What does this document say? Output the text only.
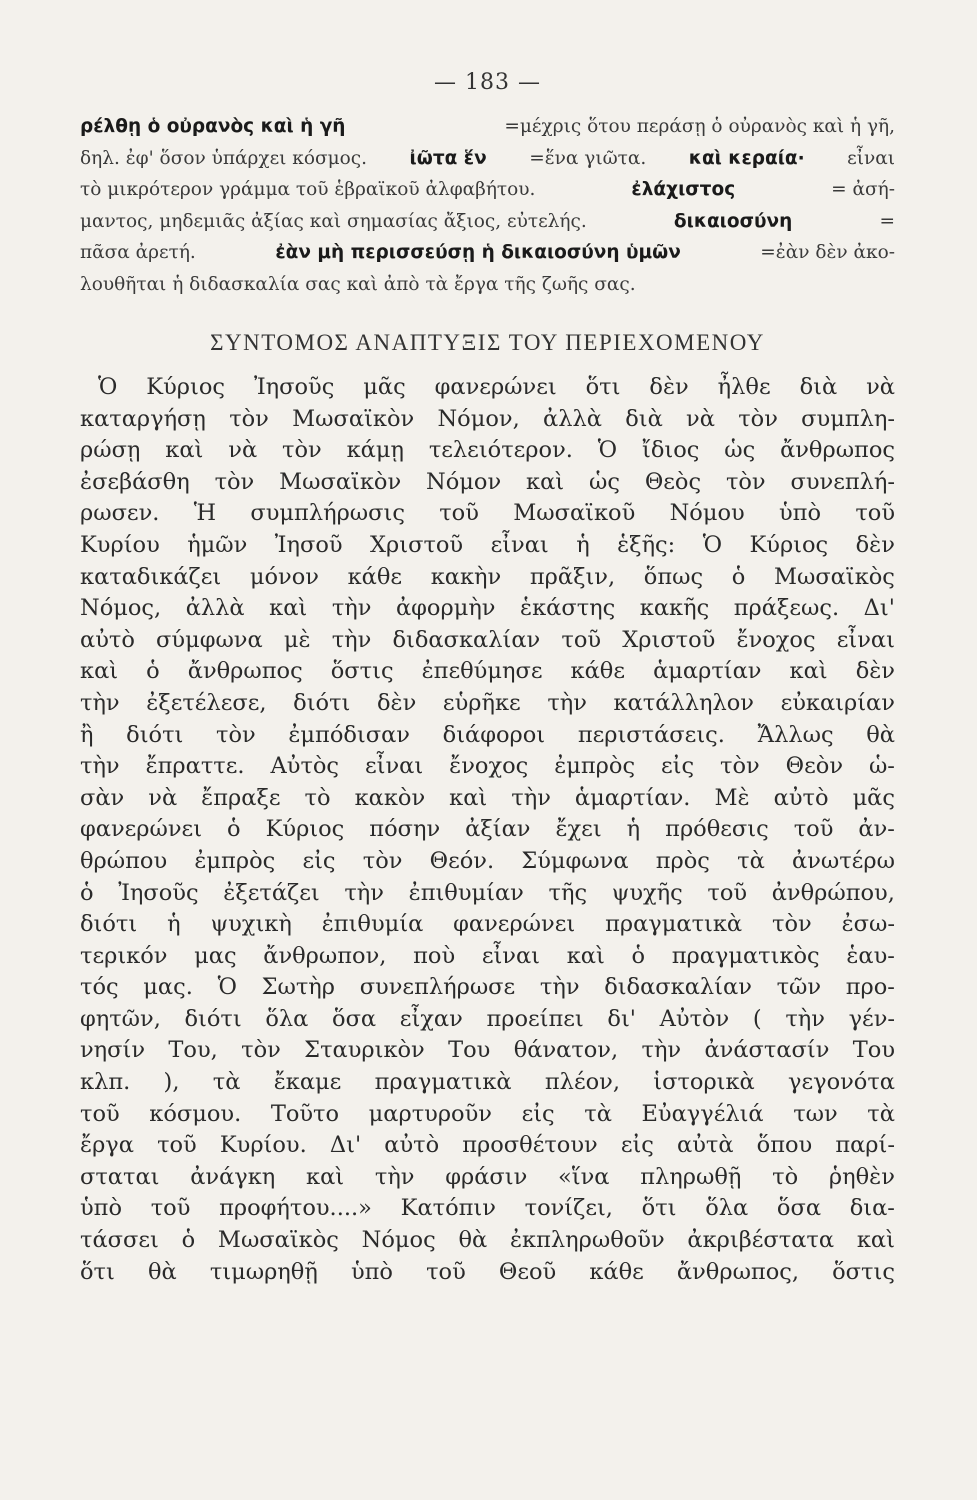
— 183 —
ρέλθῃ ὁ οὐρανὸς καὶ ἡ γῆ	=μέχρις ὅτου περάσῃ ὁ οὐρανὸς καὶ ἡ γῆ,
δηλ. ἐφ' ὅσον ὑπάρχει κόσμος. ἰῶτα ἕν =ἕνα γιῶτα. καὶ κεραία· εἶναι
τὸ μικρότερον γράμμα τοῦ ἑβραϊκοῦ ἀλφαβήτου.	ἐλάχιστος	= ἀσή-
μαντος, μηδεμιᾶς ἀξίας καὶ σημασίας ἄξιος, εὐτελής.	δικαιοσύνη	=
πᾶσα ἀρετή.	ἐὰν μὴ περισσεύσῃ ἡ δικαιοσύνη ὑμῶν	=ἐὰν δὲν ἀκο-
λουθῆται ἡ διδασκαλία σας καὶ ἀπὸ τὰ ἔργα τῆς ζωῆς σας.
ΣΥΝΤΟΜΟΣ ΑΝΑΠΤΥΞΙΣ ΤΟΥ ΠΕΡΙΕΧΟΜΕΝΟΥ
Ὁ Κύριος Ἰησοῦς μᾶς φανερώνει ὅτι δὲν ἦλθε διὰ νὰ
καταργήσῃ τὸν Μωσαϊκὸν Νόμον, ἀλλὰ διὰ νὰ τὸν συμπλη-
ρώσῃ καὶ νὰ τὸν κάμῃ τελειότερον. Ὁ ἴδιος ὡς ἄνθρωπος
ἐσεβάσθη τὸν Μωσαϊκὸν Νόμον καὶ ὡς Θεὸς τὸν συνεπλή-
ρωσεν. Ἡ συμπλήρωσις τοῦ Μωσαϊκοῦ Νόμου ὑπὸ τοῦ
Κυρίου ἡμῶν Ἰησοῦ Χριστοῦ εἶναι ἡ ἑξῆς: Ὁ Κύριος δὲν
καταδικάζει μόνον κάθε κακὴν πρᾶξιν, ὅπως ὁ Μωσαϊκὸς
Νόμος, ἀλλὰ καὶ τὴν ἀφορμὴν ἑκάστης κακῆς πράξεως. Δι'
αὐτὸ σύμφωνα μὲ τὴν διδασκαλίαν τοῦ Χριστοῦ ἔνοχος εἶναι
καὶ ὁ ἄνθρωπος ὅστις ἐπεθύμησε κάθε ἁμαρτίαν καὶ δὲν
τὴν ἐξετέλεσε, διότι δὲν εὑρῆκε τὴν κατάλληλον εὐκαιρίαν
ἢ διότι τὸν ἐμπόδισαν διάφοροι περιστάσεις. Ἄλλως θὰ
τὴν ἔπραττε. Αὐτὸς εἶναι ἔνοχος ἐμπρὸς εἰς τὸν Θεὸν ὡ-
σὰν νὰ ἔπραξε τὸ κακὸν καὶ τὴν ἁμαρτίαν. Μὲ αὐτὸ μᾶς
φανερώνει ὁ Κύριος πόσην ἀξίαν ἔχει ἡ πρόθεσις τοῦ ἀν-
θρώπου ἐμπρὸς εἰς τὸν Θεόν. Σύμφωνα πρὸς τὰ ἀνωτέρω
ὁ Ἰησοῦς ἐξετάζει τὴν ἐπιθυμίαν τῆς ψυχῆς τοῦ ἀνθρώπου,
διότι ἡ ψυχικὴ ἐπιθυμία φανερώνει πραγματικὰ τὸν ἐσω-
τερικόν μας ἄνθρωπον, ποὺ εἶναι καὶ ὁ πραγματικὸς ἑαυ-
τός μας. Ὁ Σωτὴρ συνεπλήρωσε τὴν διδασκαλίαν τῶν προ-
φητῶν, διότι ὅλα ὅσα εἶχαν προείπει δι' Αὐτὸν ( τὴν γέν-
νησίν Του, τὸν Σταυρικὸν Του θάνατον, τὴν ἀνάστασίν Του
κλπ. ), τὰ ἔκαμε πραγματικὰ πλέον, ἱστορικὰ γεγονότα
τοῦ κόσμου. Τοῦτο μαρτυροῦν εἰς τὰ Εὐαγγέλιά των τὰ
ἔργα τοῦ Κυρίου. Δι' αὐτὸ προσθέτουν εἰς αὐτὰ ὅπου παρί-
σταται ἀνάγκη καὶ τὴν φράσιν «ἵνα πληρωθῇ τὸ ῥηθὲν
ὑπὸ τοῦ προφήτου....» Κατόπιν τονίζει, ὅτι ὅλα ὅσα δια-
τάσσει ὁ Μωσαϊκὸς Νόμος θὰ ἐκπληρωθοῦν ἀκριβέστατα καὶ
ὅτι θὰ τιμωρηθῇ ὑπὸ τοῦ Θεοῦ κάθε ἄνθρωπος, ὅστις
